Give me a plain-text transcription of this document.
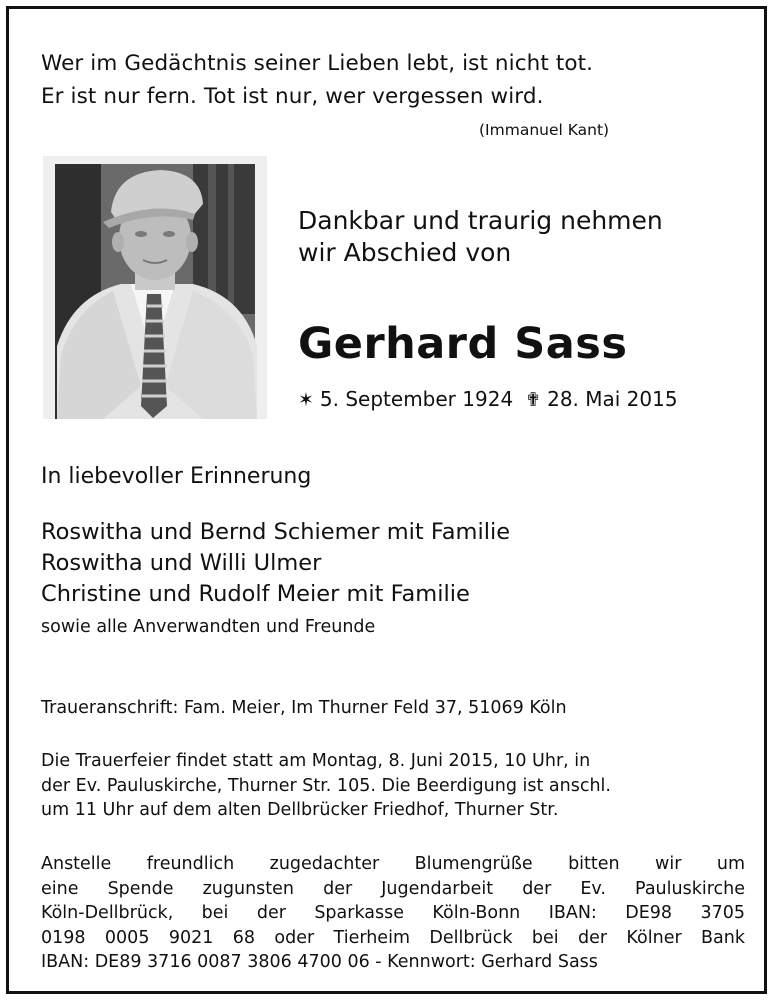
Wer im Gedächtnis seiner Lieben lebt, ist nicht tot.
Er ist nur fern. Tot ist nur, wer vergessen wird.
(Immanuel Kant)
Dankbar und traurig nehmen
wir Abschied von
Gerhard Sass
✶ 5. September 1924 ✟ 28. Mai 2015
In liebevoller Erinnerung
Roswitha und Bernd Schiemer mit Familie
Roswitha und Willi Ulmer
Christine und Rudolf Meier mit Familie
sowie alle Anverwandten und Freunde
Traueranschrift: Fam. Meier, Im Thurner Feld 37, 51069 Köln
Die Trauerfeier findet statt am Montag, 8. Juni 2015, 10 Uhr, in
der Ev. Pauluskirche, Thurner Str. 105. Die Beerdigung ist anschl.
um 11 Uhr auf dem alten Dellbrücker Friedhof, Thurner Str.
Anstelle freundlich zugedachter Blumengrüße bitten wir um
eine Spende zugunsten der Jugendarbeit der Ev. Pauluskirche
Köln-Dellbrück, bei der Sparkasse Köln-Bonn IBAN: DE98 3705
0198 0005 9021 68 oder Tierheim Dellbrück bei der Kölner Bank
IBAN: DE89 3716 0087 3806 4700 06 - Kennwort: Gerhard Sass
